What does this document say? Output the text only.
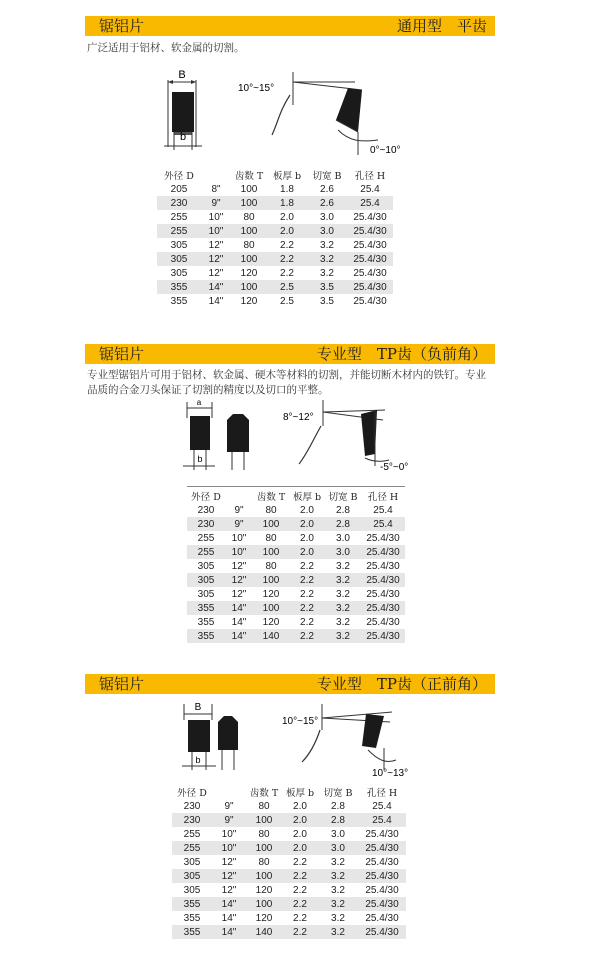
锯铝片	通用型　平齿
广泛适用于铝材、软金属的切割。
B
b
10°~15°
0°~10°
外径 D		齿数 T	板厚 b	切宽 B	孔径 H
205	8"	100	1.8	2.6	25.4
230	9"	100	1.8	2.6	25.4
255	10"	80	2.0	3.0	25.4/30
255	10"	100	2.0	3.0	25.4/30
305	12"	80	2.2	3.2	25.4/30
305	12"	100	2.2	3.2	25.4/30
305	12"	120	2.2	3.2	25.4/30
355	14"	100	2.5	3.5	25.4/30
355	14"	120	2.5	3.5	25.4/30
锯铝片	专业型　TP齿（负前角）
专业型锯铝片可用于铝材、软金属、硬木等材料的切割，并能切断木材内的铁钉。专业
品质的合金刀头保证了切割的精度以及切口的平整。
a
b
8°~12°
-5°~0°
外径 D		齿数 T	板厚 b	切宽 B	孔径 H
230	9"	80	2.0	2.8	25.4
230	9"	100	2.0	2.8	25.4
255	10"	80	2.0	3.0	25.4/30
255	10"	100	2.0	3.0	25.4/30
305	12"	80	2.2	3.2	25.4/30
305	12"	100	2.2	3.2	25.4/30
305	12"	120	2.2	3.2	25.4/30
355	14"	100	2.2	3.2	25.4/30
355	14"	120	2.2	3.2	25.4/30
355	14"	140	2.2	3.2	25.4/30
锯铝片	专业型　TP齿（正前角）
B
b
10°~15°
10°~13°
外径 D		齿数 T	板厚 b	切宽 B	孔径 H
230	9"	80	2.0	2.8	25.4
230	9"	100	2.0	2.8	25.4
255	10"	80	2.0	3.0	25.4/30
255	10"	100	2.0	3.0	25.4/30
305	12"	80	2.2	3.2	25.4/30
305	12"	100	2.2	3.2	25.4/30
305	12"	120	2.2	3.2	25.4/30
355	14"	100	2.2	3.2	25.4/30
355	14"	120	2.2	3.2	25.4/30
355	14"	140	2.2	3.2	25.4/30
